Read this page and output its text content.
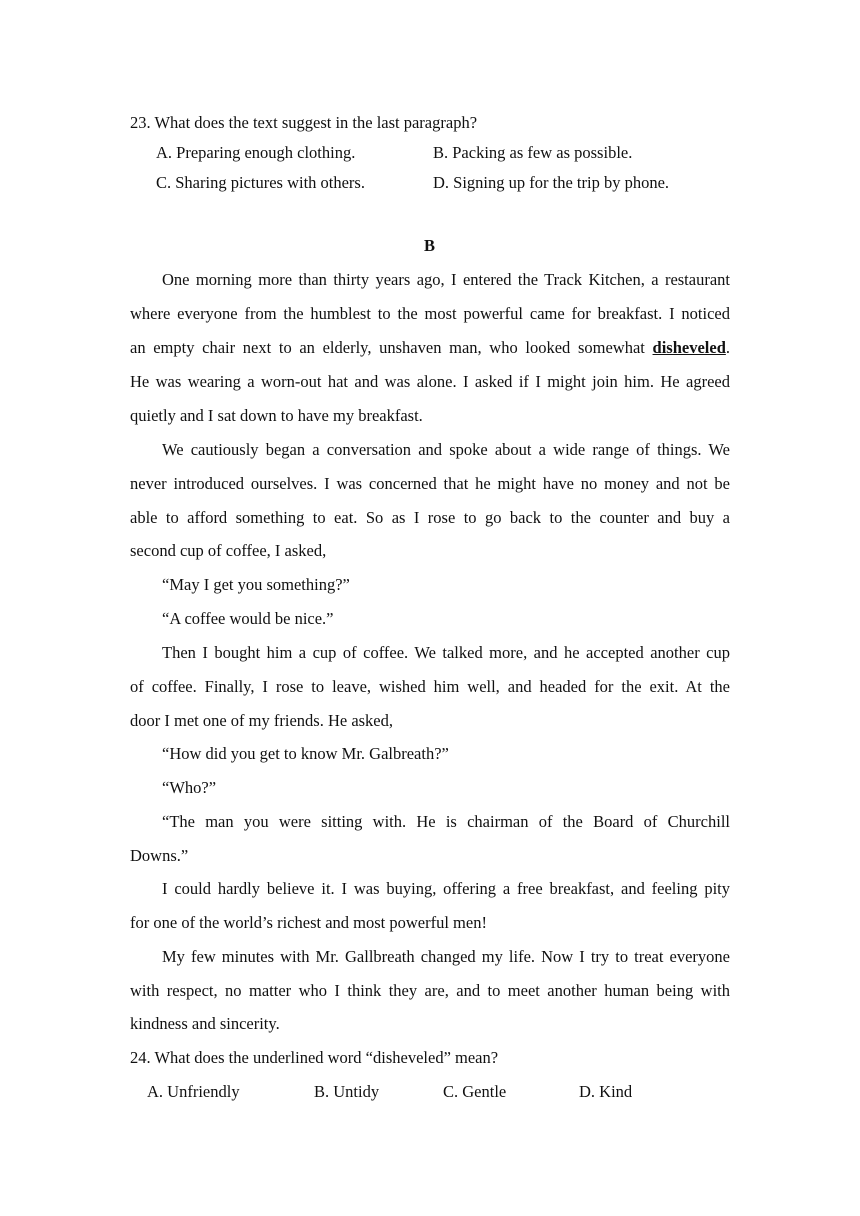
23. What does the text suggest in the last paragraph?
A. Preparing enough clothing.	B. Packing as few as possible.
C. Sharing pictures with others.	D. Signing up for the trip by phone.
B
One morning more than thirty years ago, I entered the Track Kitchen, a restaurant
where everyone from the humblest to the most powerful came for breakfast. I noticed
an empty chair next to an elderly, unshaven man, who looked somewhat disheveled.
He was wearing a worn-out hat and was alone. I asked if I might join him. He agreed
quietly and I sat down to have my breakfast.
We cautiously began a conversation and spoke about a wide range of things. We
never introduced ourselves. I was concerned that he might have no money and not be
able to afford something to eat. So as I rose to go back to the counter and buy a
second cup of coffee, I asked,
“May I get you something?”
“A coffee would be nice.”
Then I bought him a cup of coffee. We talked more, and he accepted another cup
of coffee. Finally, I rose to leave, wished him well, and headed for the exit. At the
door I met one of my friends. He asked,
“How did you get to know Mr. Galbreath?”
“Who?”
“The man you were sitting with. He is chairman of the Board of Churchill
Downs.”
I could hardly believe it. I was buying, offering a free breakfast, and feeling pity
for one of the world’s richest and most powerful men!
My few minutes with Mr. Gallbreath changed my life. Now I try to treat everyone
with respect, no matter who I think they are, and to meet another human being with
kindness and sincerity.
24. What does the underlined word “disheveled” mean?
A. Unfriendly	B. Untidy	C. Gentle	D. Kind
